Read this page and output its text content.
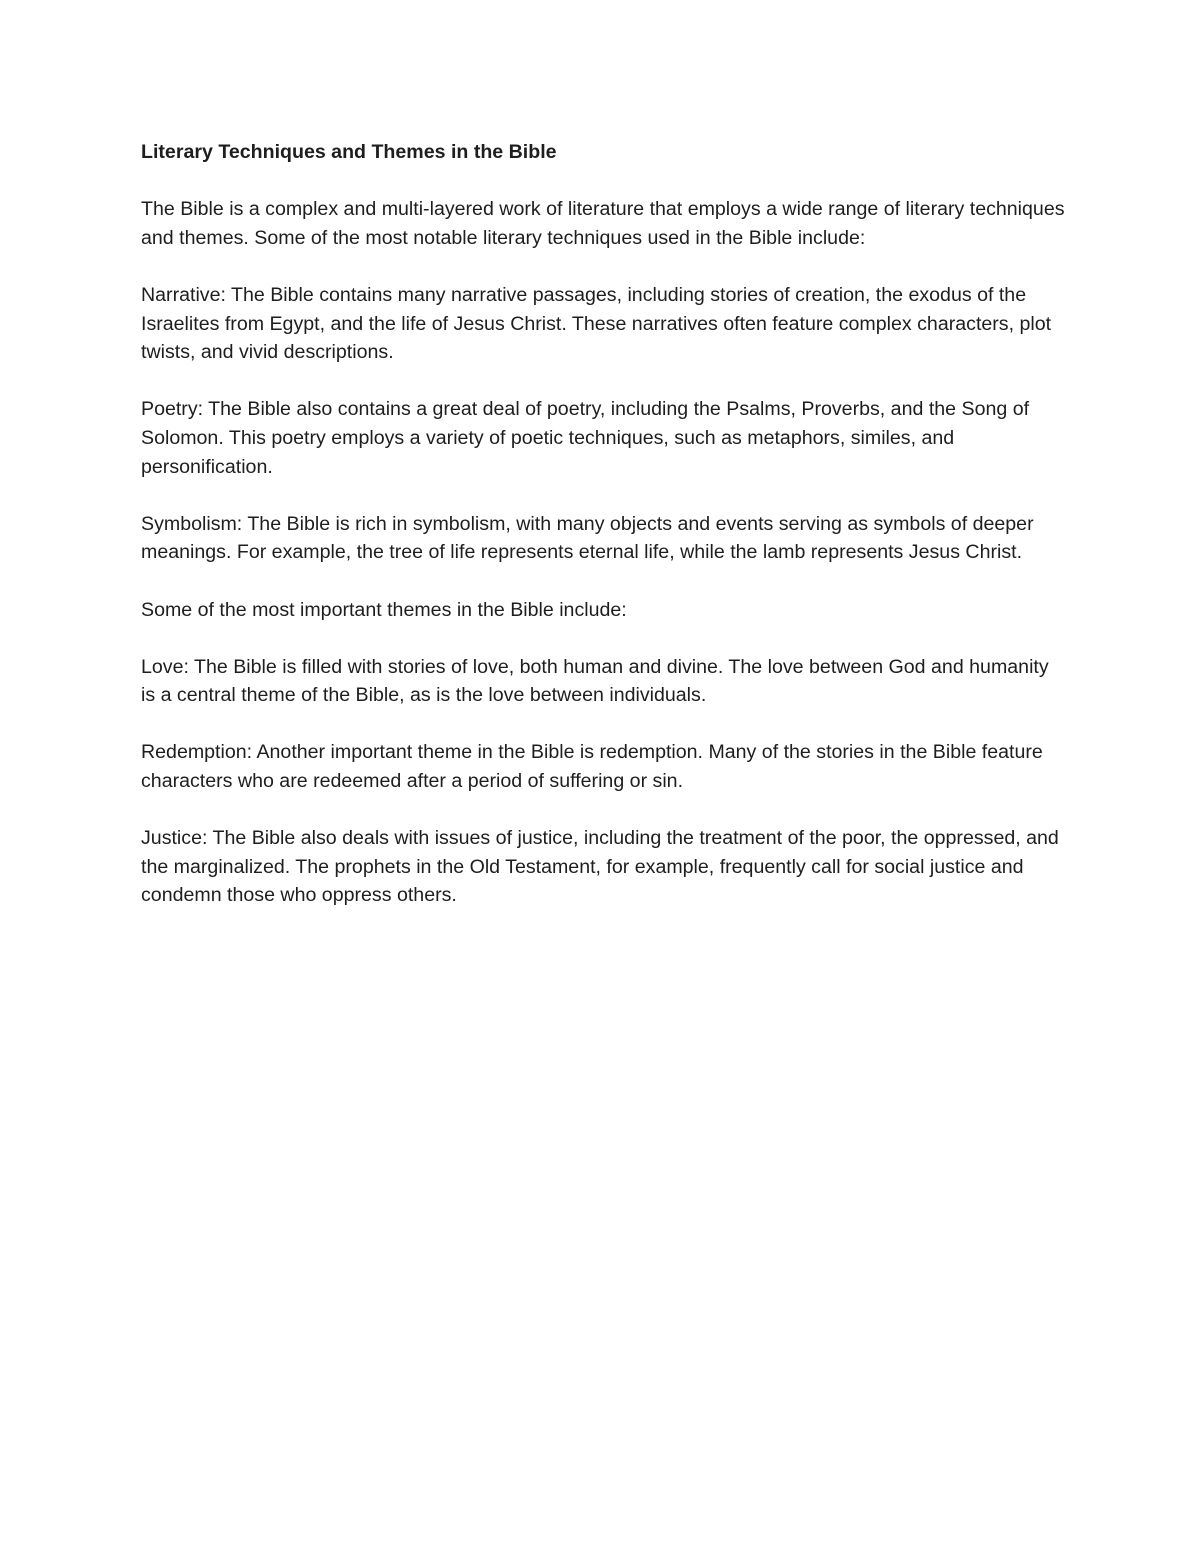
Literary Techniques and Themes in the Bible

The Bible is a complex and multi-layered work of literature that employs a wide range of literary techniques and themes. Some of the most notable literary techniques used in the Bible include:

Narrative: The Bible contains many narrative passages, including stories of creation, the exodus of the Israelites from Egypt, and the life of Jesus Christ. These narratives often feature complex characters, plot twists, and vivid descriptions.

Poetry: The Bible also contains a great deal of poetry, including the Psalms, Proverbs, and the Song of Solomon. This poetry employs a variety of poetic techniques, such as metaphors, similes, and personification.

Symbolism: The Bible is rich in symbolism, with many objects and events serving as symbols of deeper meanings. For example, the tree of life represents eternal life, while the lamb represents Jesus Christ.

Some of the most important themes in the Bible include:

Love: The Bible is filled with stories of love, both human and divine. The love between God and humanity is a central theme of the Bible, as is the love between individuals.

Redemption: Another important theme in the Bible is redemption. Many of the stories in the Bible feature characters who are redeemed after a period of suffering or sin.

Justice: The Bible also deals with issues of justice, including the treatment of the poor, the oppressed, and the marginalized. The prophets in the Old Testament, for example, frequently call for social justice and condemn those who oppress others.
